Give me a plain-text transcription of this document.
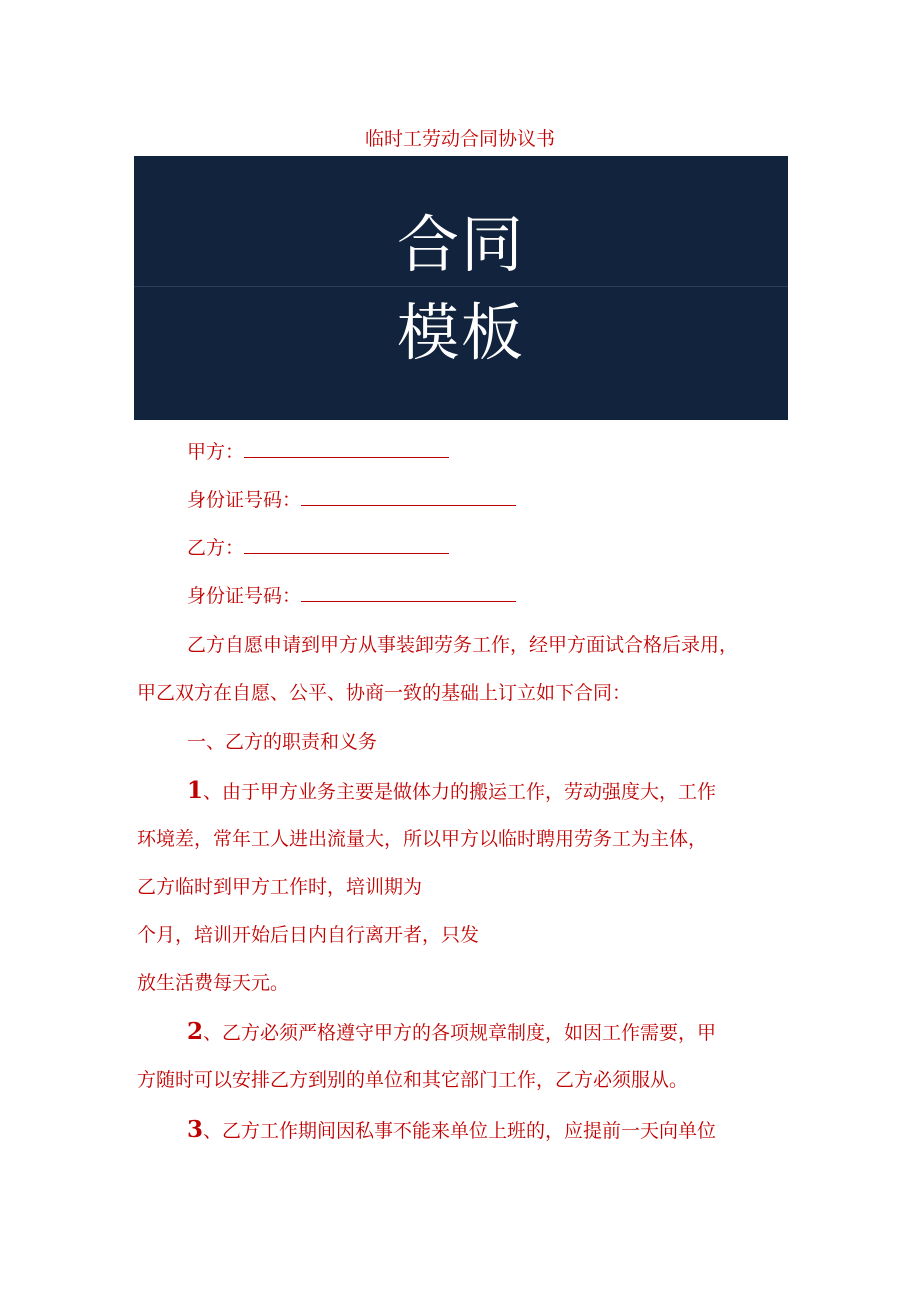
临时工劳动合同协议书
合同
模板
甲方：
身份证号码：
乙方：
身份证号码：
乙方自愿申请到甲方从事装卸劳务工作，经甲方面试合格后录用，
甲乙双方在自愿、公平、协商一致的基础上订立如下合同：
一、乙方的职责和义务
1、由于甲方业务主要是做体力的搬运工作，劳动强度大，工作
环境差，常年工人进出流量大，所以甲方以临时聘用劳务工为主体，
乙方临时到甲方工作时，培训期为
个月，培训开始后日内自行离开者，只发
放生活费每天元。
2、乙方必须严格遵守甲方的各项规章制度，如因工作需要，甲
方随时可以安排乙方到别的单位和其它部门工作，乙方必须服从。
3、乙方工作期间因私事不能来单位上班的，应提前一天向单位
